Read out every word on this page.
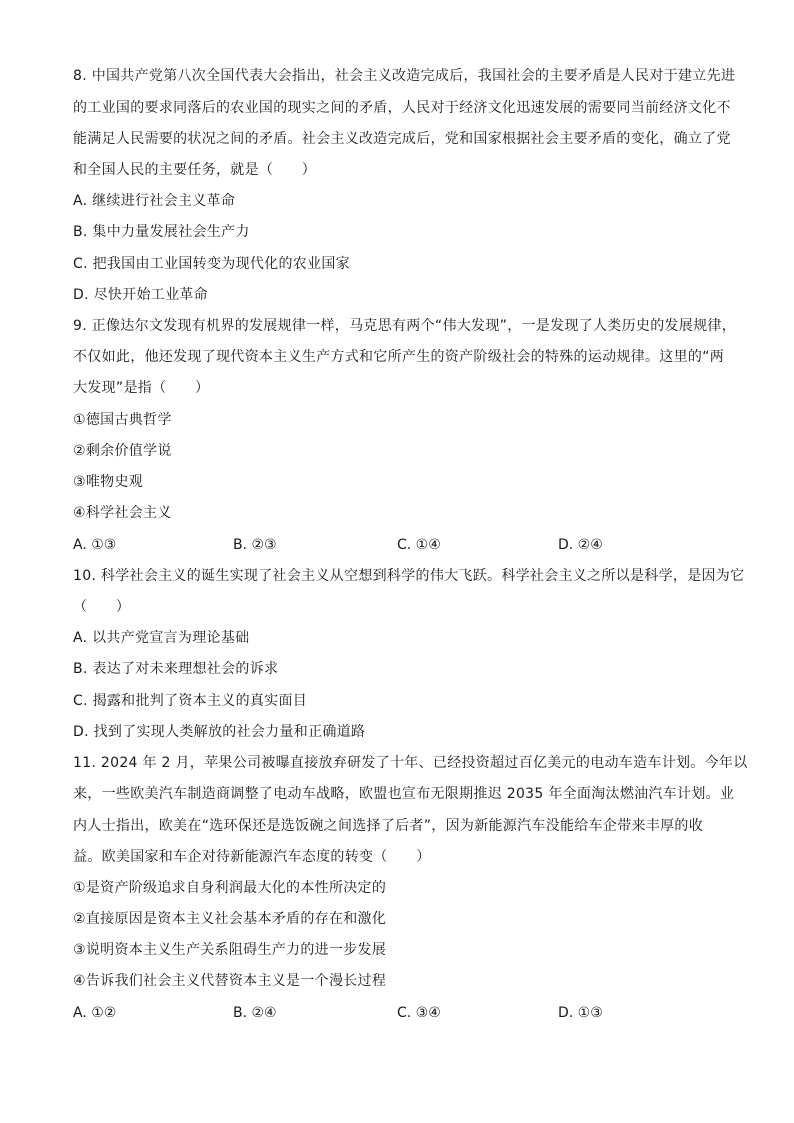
8. 中国共产党第八次全国代表大会指出，社会主义改造完成后，我国社会的主要矛盾是人民对于建立先进
的工业国的要求同落后的农业国的现实之间的矛盾，人民对于经济文化迅速发展的需要同当前经济文化不
能满足人民需要的状况之间的矛盾。社会主义改造完成后，党和国家根据社会主要矛盾的变化，确立了党
和全国人民的主要任务，就是（　　）
A. 继续进行社会主义革命
B. 集中力量发展社会生产力
C. 把我国由工业国转变为现代化的农业国家
D. 尽快开始工业革命
9. 正像达尔文发现有机界的发展规律一样，马克思有两个“伟大发现”，一是发现了人类历史的发展规律，
不仅如此，他还发现了现代资本主义生产方式和它所产生的资产阶级社会的特殊的运动规律。这里的“两
大发现”是指（　　）
①德国古典哲学
②剩余价值学说
③唯物史观
④科学社会主义
A. ①③	B. ②③	C. ①④	D. ②④
10. 科学社会主义的诞生实现了社会主义从空想到科学的伟大飞跃。科学社会主义之所以是科学，是因为它
（　　）
A. 以共产党宣言为理论基础
B. 表达了对未来理想社会的诉求
C. 揭露和批判了资本主义的真实面目
D. 找到了实现人类解放的社会力量和正确道路
11. 2024 年 2 月，苹果公司被曝直接放弃研发了十年、已经投资超过百亿美元的电动车造车计划。今年以
来，一些欧美汽车制造商调整了电动车战略，欧盟也宣布无限期推迟 2035 年全面淘汰燃油汽车计划。业
内人士指出，欧美在“选环保还是选饭碗之间选择了后者”，因为新能源汽车没能给车企带来丰厚的收
益。欧美国家和车企对待新能源汽车态度的转变（　　）
①是资产阶级追求自身利润最大化的本性所决定的
②直接原因是资本主义社会基本矛盾的存在和激化
③说明资本主义生产关系阻碍生产力的进一步发展
④告诉我们社会主义代替资本主义是一个漫长过程
A. ①②	B. ②④	C. ③④	D. ①③
